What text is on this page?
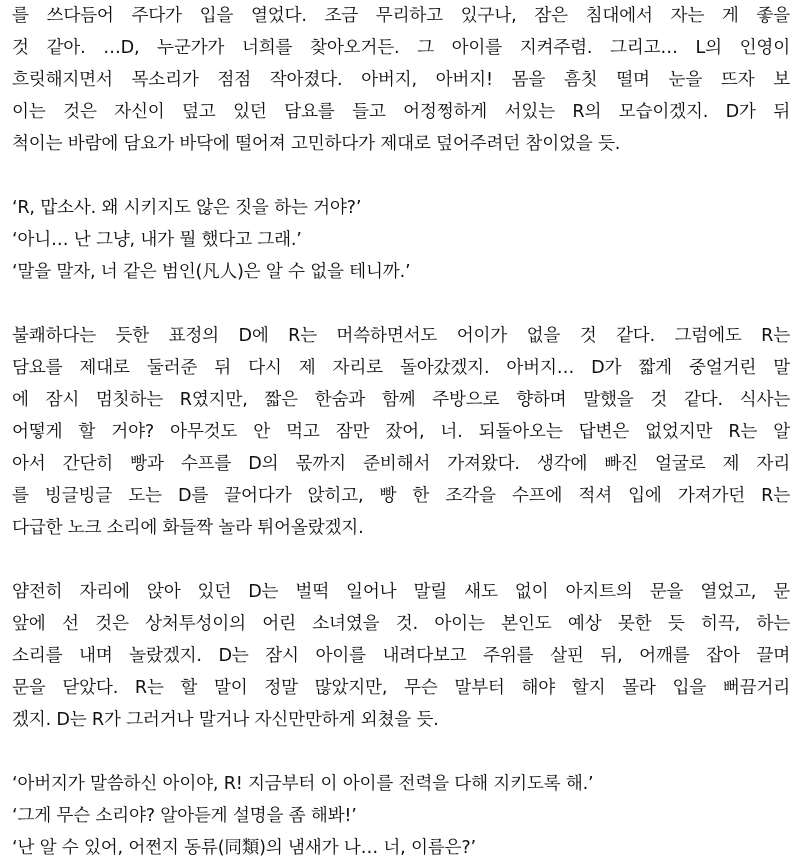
를 쓰다듬어 주다가 입을 열었다. 조금 무리하고 있구나, 잠은 침대에서 자는 게 좋을
것 같아. …D, 누군가가 너희를 찾아오거든. 그 아이를 지켜주렴. 그리고… L의 인영이
흐릿해지면서 목소리가 점점 작아졌다. 아버지, 아버지! 몸을 흠칫 떨며 눈을 뜨자 보
이는 것은 자신이 덮고 있던 담요를 들고 어정쩡하게 서있는 R의 모습이겠지. D가 뒤
척이는 바람에 담요가 바닥에 떨어져 고민하다가 제대로 덮어주려던 참이었을 듯.
‘R, 맙소사. 왜 시키지도 않은 짓을 하는 거야?’
‘아니… 난 그냥, 내가 뭘 했다고 그래.’
‘말을 말자, 너 같은 범인(凡人)은 알 수 없을 테니까.’
불쾌하다는 듯한 표정의 D에 R는 머쓱하면서도 어이가 없을 것 같다. 그럼에도 R는
담요를 제대로 둘러준 뒤 다시 제 자리로 돌아갔겠지. 아버지… D가 짧게 중얼거린 말
에 잠시 멈칫하는 R였지만, 짧은 한숨과 함께 주방으로 향하며 말했을 것 같다. 식사는
어떻게 할 거야? 아무것도 안 먹고 잠만 잤어, 너. 되돌아오는 답변은 없었지만 R는 알
아서 간단히 빵과 수프를 D의 몫까지 준비해서 가져왔다. 생각에 빠진 얼굴로 제 자리
를 빙글빙글 도는 D를 끌어다가 앉히고, 빵 한 조각을 수프에 적셔 입에 가져가던 R는
다급한 노크 소리에 화들짝 놀라 튀어올랐겠지.
얌전히 자리에 앉아 있던 D는 벌떡 일어나 말릴 새도 없이 아지트의 문을 열었고, 문
앞에 선 것은 상처투성이의 어린 소녀였을 것. 아이는 본인도 예상 못한 듯 히끅, 하는
소리를 내며 놀랐겠지. D는 잠시 아이를 내려다보고 주위를 살핀 뒤, 어깨를 잡아 끌며
문을 닫았다. R는 할 말이 정말 많았지만, 무슨 말부터 해야 할지 몰라 입을 뻐끔거리
겠지. D는 R가 그러거나 말거나 자신만만하게 외쳤을 듯.
‘아버지가 말씀하신 아이야, R! 지금부터 이 아이를 전력을 다해 지키도록 해.’
‘그게 무슨 소리야? 알아듣게 설명을 좀 해봐!’
‘난 알 수 있어, 어쩐지 동류(同類)의 냄새가 나… 너, 이름은?’
